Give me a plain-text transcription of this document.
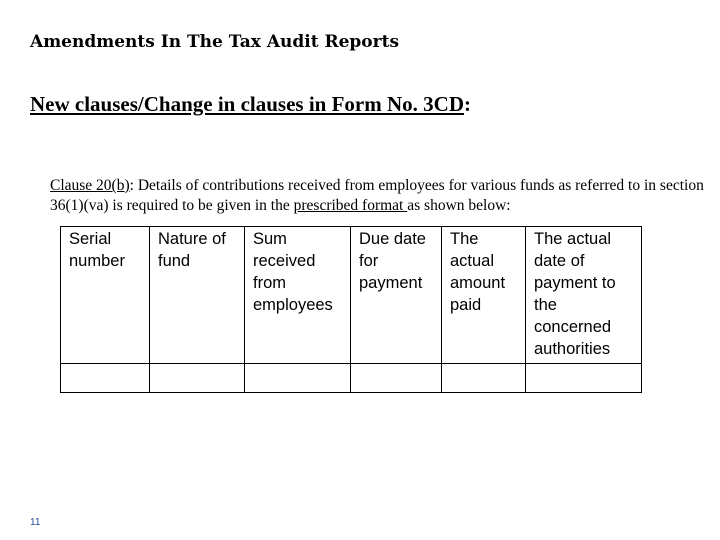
Amendments In The Tax Audit Reports
New clauses/Change in clauses in Form No. 3CD:
Clause 20(b): Details of contributions received from employees for various funds as referred to in section 36(1)(va) is required to be given in the prescribed format as shown below:
Serial number	Nature of fund	Sum received from employees	Due date for payment	The actual amount paid	The actual date of payment to the concerned authorities

11
